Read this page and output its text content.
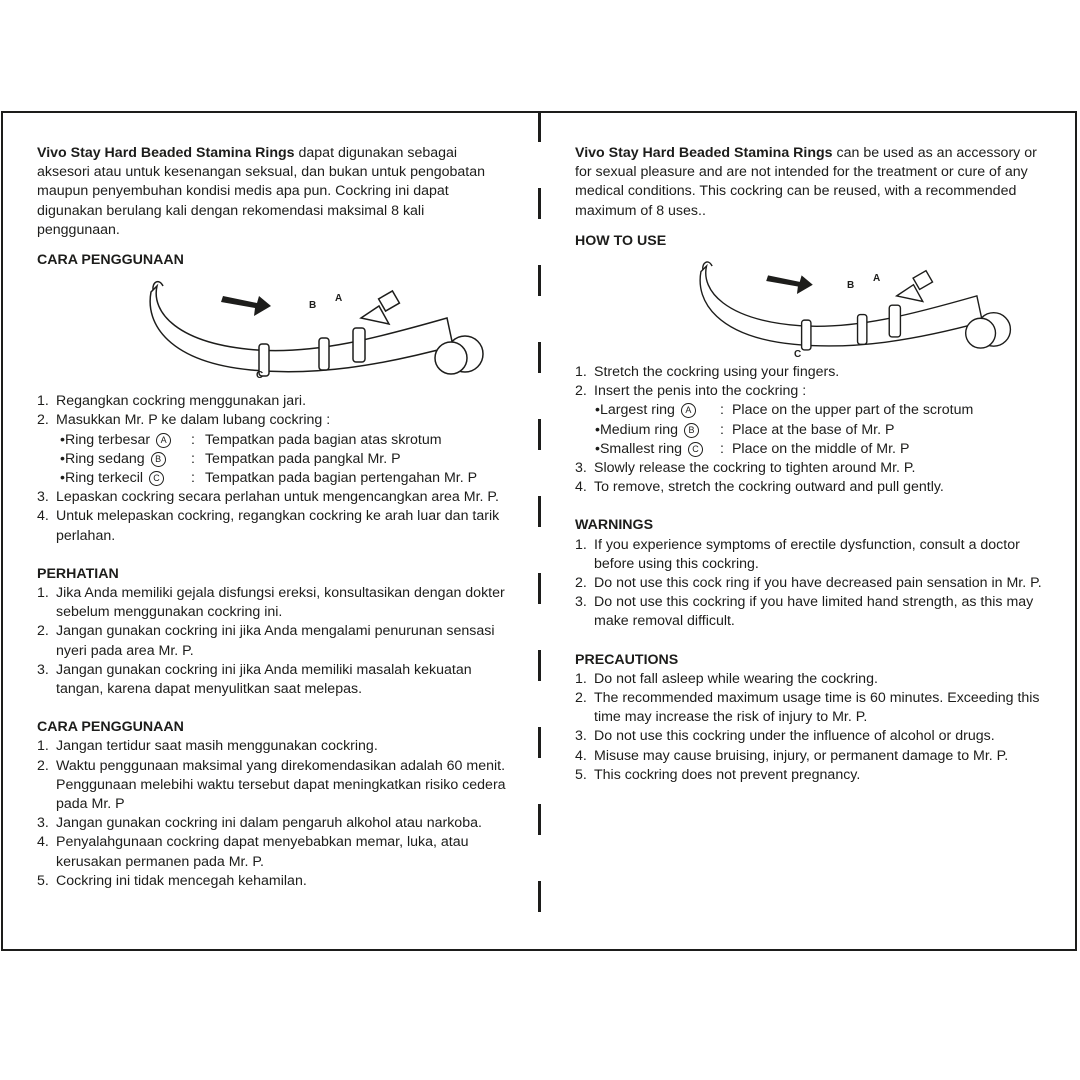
Vivo Stay Hard Beaded Stamina Rings dapat digunakan sebagai aksesori atau untuk kesenangan seksual, dan bukan untuk pengobatan maupun penyembuhan kondisi medis apa pun. Cockring ini dapat digunakan berulang kali dengan rekomendasi maksimal 8 kali penggunaan.

CARA PENGGUNAAN

A
B
C
1. Regangkan cockring menggunakan jari.
2. Masukkan Mr. P ke dalam lubang cockring :
•Ring terbesar A : Tempatkan pada bagian atas skrotum
•Ring sedang B : Tempatkan pada pangkal Mr. P
•Ring terkecil C : Tempatkan pada bagian pertengahan Mr. P
3. Lepaskan cockring secara perlahan untuk mengencangkan area Mr. P.
4. Untuk melepaskan cockring, regangkan cockring ke arah luar dan tarik perlahan.

PERHATIAN

1. Jika Anda memiliki gejala disfungsi ereksi, konsultasikan dengan dokter sebelum menggunakan cockring ini.
2. Jangan gunakan cockring ini jika Anda mengalami penurunan sensasi nyeri pada area Mr. P.
3. Jangan gunakan cockring ini jika Anda memiliki masalah kekuatan tangan, karena dapat menyulitkan saat melepas.

CARA PENGGUNAAN

1. Jangan tertidur saat masih menggunakan cockring.
2. Waktu penggunaan maksimal yang direkomendasikan adalah 60 menit. Penggunaan melebihi waktu tersebut dapat meningkatkan risiko cedera pada Mr. P
3. Jangan gunakan cockring ini dalam pengaruh alkohol atau narkoba.
4. Penyalahgunaan cockring dapat menyebabkan memar, luka, atau kerusakan permanen pada Mr. P.
5. Cockring ini tidak mencegah kehamilan.

Vivo Stay Hard Beaded Stamina Rings can be used as an accessory or for sexual pleasure and are not intended for the treatment or cure of any medical conditions. This cockring can be reused, with a recommended maximum of 8 uses..

HOW TO USE

A
B
C
1. Stretch the cockring using your fingers.
2. Insert the penis into the cockring :
•Largest ring A : Place on the upper part of the scrotum
•Medium ring B : Place at the base of Mr. P
•Smallest ring C : Place on the middle of Mr. P
3. Slowly release the cockring to tighten around Mr. P.
4. To remove, stretch the cockring outward and pull gently.

WARNINGS

1. If you experience symptoms of erectile dysfunction, consult a doctor before using this cockring.
2. Do not use this cock ring if you have decreased pain sensation in Mr. P.
3. Do not use this cockring if you have limited hand strength, as this may make removal difficult.

PRECAUTIONS

1. Do not fall asleep while wearing the cockring.
2. The recommended maximum usage time is 60 minutes. Exceeding this time may increase the risk of injury to Mr. P.
3. Do not use this cockring under the influence of alcohol or drugs.
4. Misuse may cause bruising, injury, or permanent damage to Mr. P.
5. This cockring does not prevent pregnancy.
